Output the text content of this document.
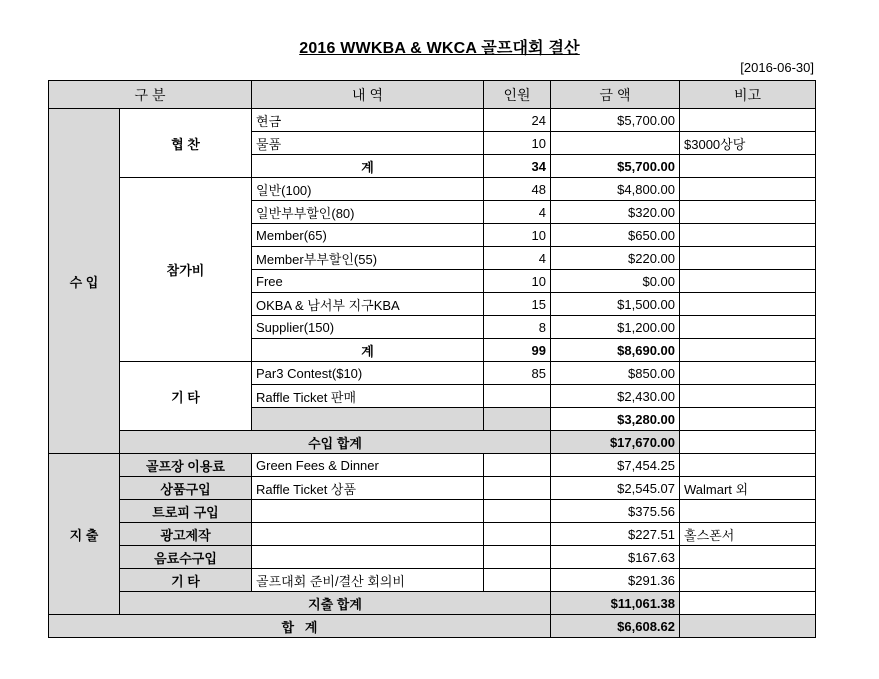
2016 WWKBA & WKCA 골프대회 결산
[2016-06-30]
구 분		내 역	인원	금 액	비고
수 입	협 찬	현금	24	$5,700.00	
		물품	10		$3000상당
		계	34	$5,700.00	
	참가비	일반(100)	48	$4,800.00	
		일반부부할인(80)	4	$320.00	
		Member(65)	10	$650.00	
		Member부부할인(55)	4	$220.00	
		Free	10	$0.00	
		OKBA & 남서부 지구KBA	15	$1,500.00	
		Supplier(150)	8	$1,200.00	
		계	99	$8,690.00	
	기 타	Par3 Contest($10)	85	$850.00	
		Raffle Ticket 판매		$2,430.00	
				$3,280.00	
	수입 합계			$17,670.00	
지 출	골프장 이용료	Green Fees & Dinner		$7,454.25	
	상품구입	Raffle Ticket 상품		$2,545.07	Walmart 외
	트로피 구입			$375.56	
	광고제작			$227.51	홀스폰서
	음료수구입			$167.63	
	기 타	골프대회 준비/결산 회의비		$291.36	
	지출 합계			$11,061.38	
합   계				$6,608.62	
